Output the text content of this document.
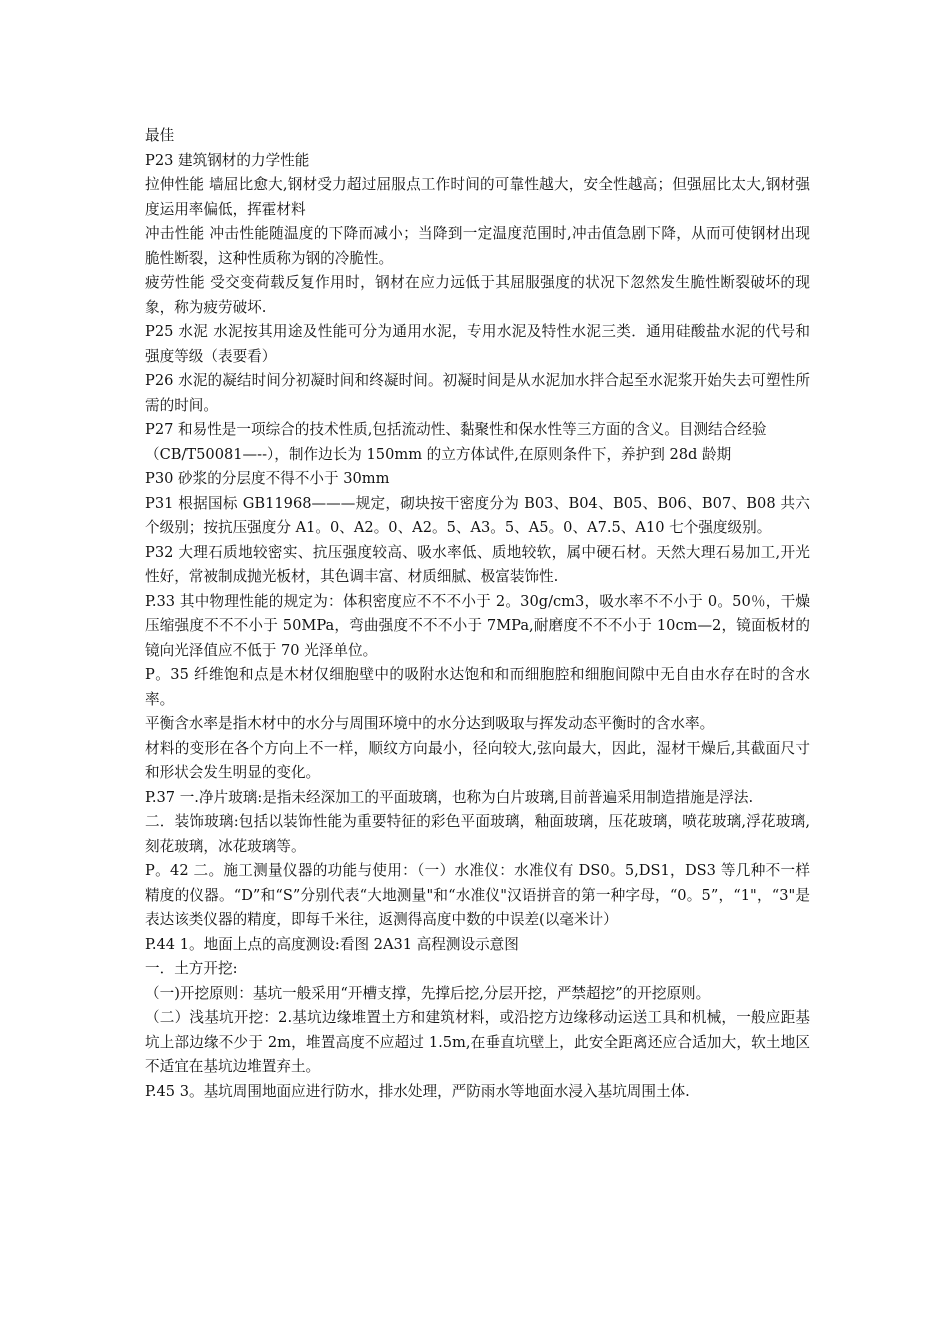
最佳

P23 建筑钢材的力学性能

拉伸性能 墙屈比愈大,钢材受力超过屈服点工作时间的可靠性越大，安全性越高；但强屈比太大,钢材强度运用率偏低，挥霍材料

冲击性能 冲击性能随温度的下降而减小；当降到一定温度范围时,冲击值急剧下降，从而可使钢材出现脆性断裂，这种性质称为钢的冷脆性。

疲劳性能 受交变荷载反复作用时，钢材在应力远低于其屈服强度的状况下忽然发生脆性断裂破坏的现象，称为疲劳破坏.

P25 水泥 水泥按其用途及性能可分为通用水泥，专用水泥及特性水泥三类．通用硅酸盐水泥的代号和强度等级（表要看）

P26 水泥的凝结时间分初凝时间和终凝时间。初凝时间是从水泥加水拌合起至水泥浆开始失去可塑性所需的时间。

P27 和易性是一项综合的技术性质,包括流动性、黏聚性和保水性等三方面的含义。目测结合经验

（CB/T50081—--），制作边长为 150mm 的立方体试件,在原则条件下，养护到 28d 龄期

P30 砂浆的分层度不得不小于 30mm

P31 根据国标 GB11968———规定，砌块按干密度分为 B03、B04、B05、B06、B07、B08 共六个级别；按抗压强度分 A1。0、A2。0、A2。5、A3。5、A5。0、A7.5、A10 七个强度级别。

P32 大理石质地较密实、抗压强度较高、吸水率低、质地较软，属中硬石材。天然大理石易加工,开光性好，常被制成抛光板材，其色调丰富、材质细腻、极富装饰性.

P.33 其中物理性能的规定为：体积密度应不不不小于 2。30g/cm3，吸水率不不小于 0。50％，干燥压缩强度不不不小于 50MPa，弯曲强度不不不小于 7MPa,耐磨度不不不小于 10cm—2，镜面板材的镜向光泽值应不低于 70 光泽单位。

P。35 纤维饱和点是木材仅细胞壁中的吸附水达饱和和而细胞腔和细胞间隙中无自由水存在时的含水率。

平衡含水率是指木材中的水分与周围环境中的水分达到吸取与挥发动态平衡时的含水率。

材料的变形在各个方向上不一样，顺纹方向最小，径向较大,弦向最大，因此，湿材干燥后,其截面尺寸和形状会发生明显的变化。

P.37 一.净片玻璃:是指未经深加工的平面玻璃，也称为白片玻璃,目前普遍采用制造措施是浮法.

二．装饰玻璃:包括以装饰性能为重要特征的彩色平面玻璃，釉面玻璃，压花玻璃，喷花玻璃,浮花玻璃,刻花玻璃，冰花玻璃等。

P。42 二。施工测量仪器的功能与使用：（一）水准仪：水准仪有 DS0。5,DS1，DS3 等几种不一样精度的仪器。“D”和“S”分别代表“大地测量"和“水准仪"汉语拼音的第一种字母，“0。5”，“1"，“3"是表达该类仪器的精度，即每千米往，返测得高度中数的中误差(以毫米计）

P.44 1。地面上点的高度测设:看图 2A31 高程测设示意图

一．土方开挖:

（一)开挖原则：基坑一般采用“开槽支撑，先撑后挖,分层开挖，严禁超挖”的开挖原则。

（二）浅基坑开挖：2.基坑边缘堆置土方和建筑材料，或沿挖方边缘移动运送工具和机械，一般应距基坑上部边缘不少于 2m，堆置高度不应超过 1.5m,在垂直坑壁上，此安全距离还应合适加大，软土地区不适宜在基坑边堆置弃土。

P.45 3。基坑周围地面应进行防水，排水处理，严防雨水等地面水浸入基坑周围土体.
